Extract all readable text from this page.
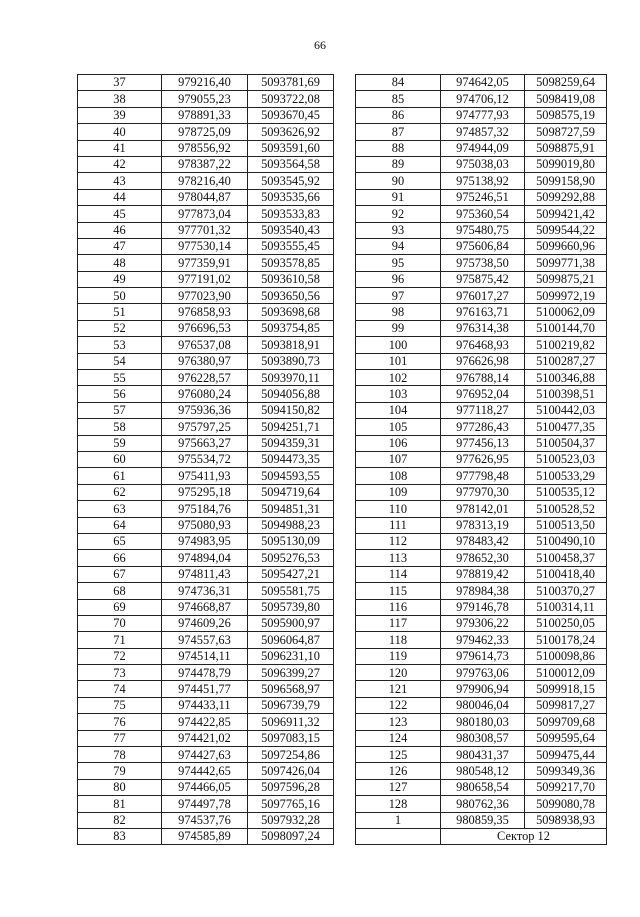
66
37	979216,40	5093781,69
38	979055,23	5093722,08
39	978891,33	5093670,45
40	978725,09	5093626,92
41	978556,92	5093591,60
42	978387,22	5093564,58
43	978216,40	5093545,92
44	978044,87	5093535,66
45	977873,04	5093533,83
46	977701,32	5093540,43
47	977530,14	5093555,45
48	977359,91	5093578,85
49	977191,02	5093610,58
50	977023,90	5093650,56
51	976858,93	5093698,68
52	976696,53	5093754,85
53	976537,08	5093818,91
54	976380,97	5093890,73
55	976228,57	5093970,11
56	976080,24	5094056,88
57	975936,36	5094150,82
58	975797,25	5094251,71
59	975663,27	5094359,31
60	975534,72	5094473,35
61	975411,93	5094593,55
62	975295,18	5094719,64
63	975184,76	5094851,31
64	975080,93	5094988,23
65	974983,95	5095130,09
66	974894,04	5095276,53
67	974811,43	5095427,21
68	974736,31	5095581,75
69	974668,87	5095739,80
70	974609,26	5095900,97
71	974557,63	5096064,87
72	974514,11	5096231,10
73	974478,79	5096399,27
74	974451,77	5096568,97
75	974433,11	5096739,79
76	974422,85	5096911,32
77	974421,02	5097083,15
78	974427,63	5097254,86
79	974442,65	5097426,04
80	974466,05	5097596,28
81	974497,78	5097765,16
82	974537,76	5097932,28
83	974585,89	5098097,24
84	974642,05	5098259,64
85	974706,12	5098419,08
86	974777,93	5098575,19
87	974857,32	5098727,59
88	974944,09	5098875,91
89	975038,03	5099019,80
90	975138,92	5099158,90
91	975246,51	5099292,88
92	975360,54	5099421,42
93	975480,75	5099544,22
94	975606,84	5099660,96
95	975738,50	5099771,38
96	975875,42	5099875,21
97	976017,27	5099972,19
98	976163,71	5100062,09
99	976314,38	5100144,70
100	976468,93	5100219,82
101	976626,98	5100287,27
102	976788,14	5100346,88
103	976952,04	5100398,51
104	977118,27	5100442,03
105	977286,43	5100477,35
106	977456,13	5100504,37
107	977626,95	5100523,03
108	977798,48	5100533,29
109	977970,30	5100535,12
110	978142,01	5100528,52
111	978313,19	5100513,50
112	978483,42	5100490,10
113	978652,30	5100458,37
114	978819,42	5100418,40
115	978984,38	5100370,27
116	979146,78	5100314,11
117	979306,22	5100250,05
118	979462,33	5100178,24
119	979614,73	5100098,86
120	979763,06	5100012,09
121	979906,94	5099918,15
122	980046,04	5099817,27
123	980180,03	5099709,68
124	980308,57	5099595,64
125	980431,37	5099475,44
126	980548,12	5099349,36
127	980658,54	5099217,70
128	980762,36	5099080,78
1	980859,35	5098938,93
	Сектор 12	
